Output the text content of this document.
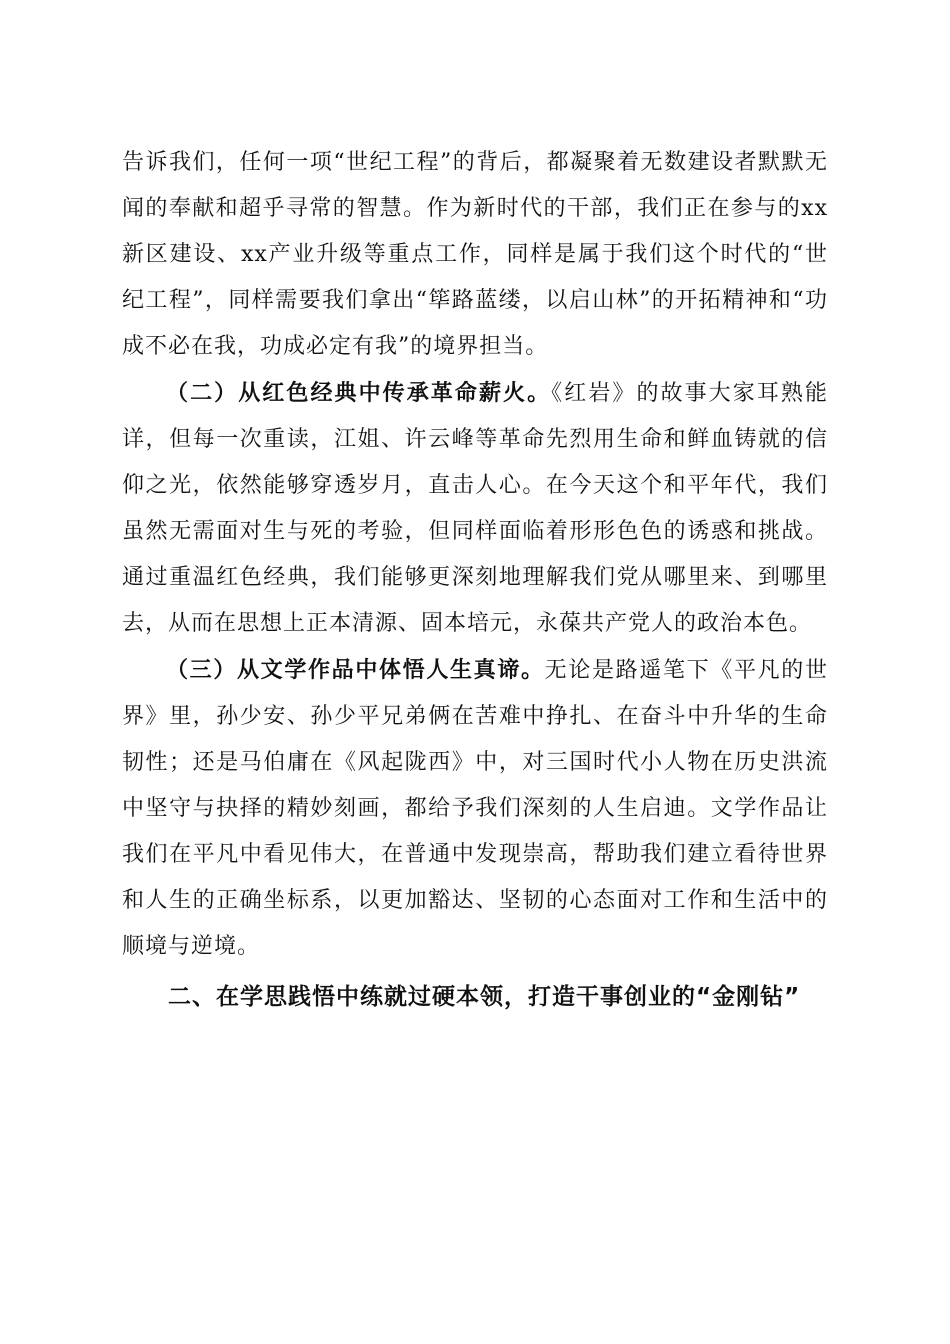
告诉我们，任何一项“世纪工程”的背后，都凝聚着无数建设者默默无闻的奉献和超乎寻常的智慧。作为新时代的干部，我们正在参与的xx新区建设、xx产业升级等重点工作，同样是属于我们这个时代的“世纪工程”，同样需要我们拿出“筚路蓝缕，以启山林”的开拓精神和“功成不必在我，功成必定有我”的境界担当。

（二）从红色经典中传承革命薪火。《红岩》的故事大家耳熟能详，但每一次重读，江姐、许云峰等革命先烈用生命和鲜血铸就的信仰之光，依然能够穿透岁月，直击人心。在今天这个和平年代，我们虽然无需面对生与死的考验，但同样面临着形形色色的诱惑和挑战。通过重温红色经典，我们能够更深刻地理解我们党从哪里来、到哪里去，从而在思想上正本清源、固本培元，永葆共产党人的政治本色。

（三）从文学作品中体悟人生真谛。无论是路遥笔下《平凡的世界》里，孙少安、孙少平兄弟俩在苦难中挣扎、在奋斗中升华的生命韧性；还是马伯庸在《风起陇西》中，对三国时代小人物在历史洪流中坚守与抉择的精妙刻画，都给予我们深刻的人生启迪。文学作品让我们在平凡中看见伟大，在普通中发现崇高，帮助我们建立看待世界和人生的正确坐标系，以更加豁达、坚韧的心态面对工作和生活中的顺境与逆境。

二、在学思践悟中练就过硬本领，打造干事创业的“金刚钻”
